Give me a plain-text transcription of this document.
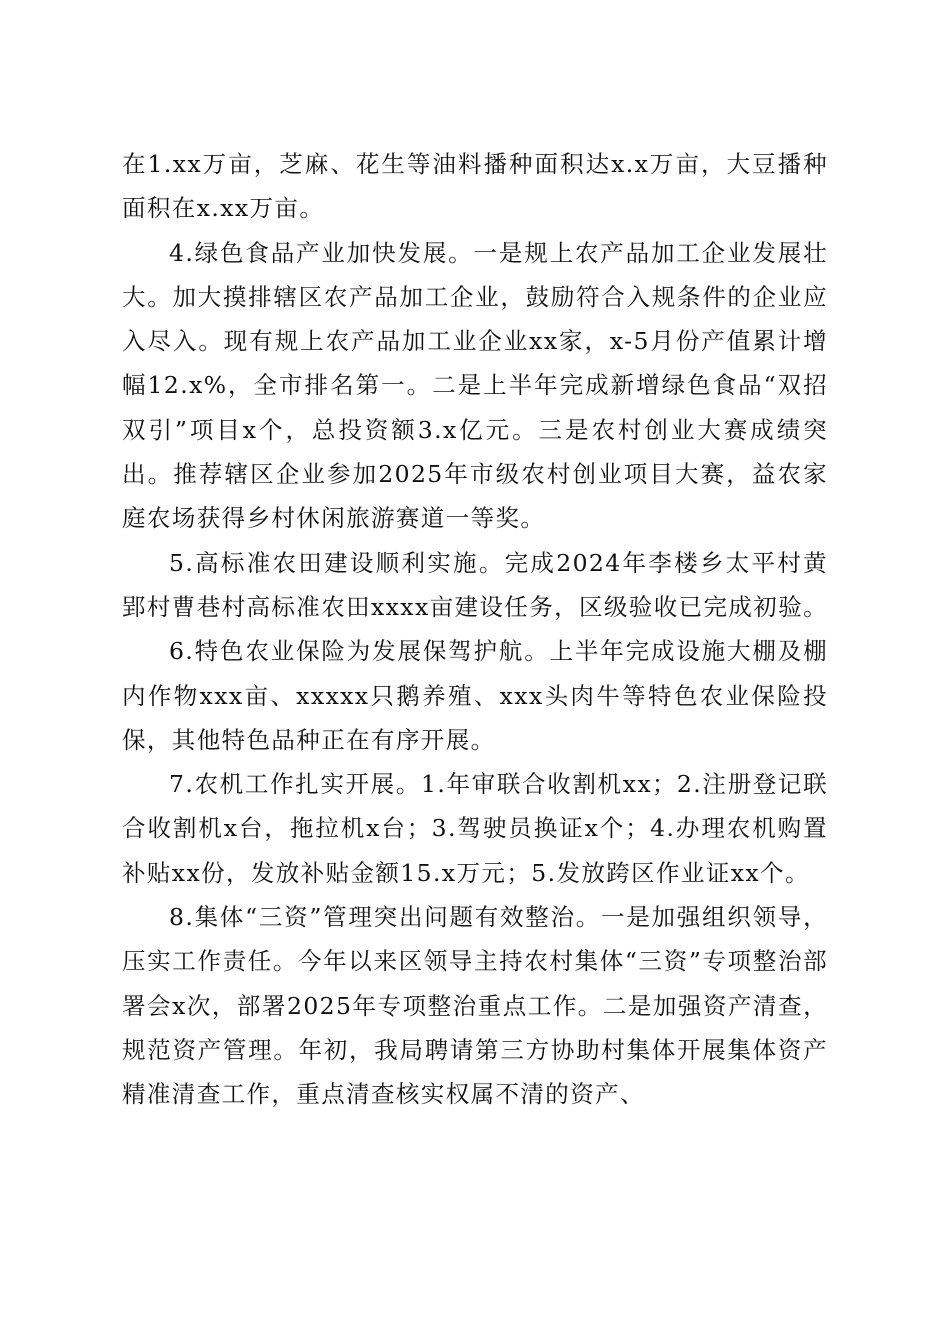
在1.xx万亩，芝麻、花生等油料播种面积达x.x万亩，大豆播种面积在x.xx万亩。

4.绿色食品产业加快发展。一是规上农产品加工企业发展壮大。加大摸排辖区农产品加工企业，鼓励符合入规条件的企业应入尽入。现有规上农产品加工业企业xx家，x-5月份产值累计增幅12.x%，全市排名第一。二是上半年完成新增绿色食品“双招双引”项目x个，总投资额3.x亿元。三是农村创业大赛成绩突出。推荐辖区企业参加2025年市级农村创业项目大赛，益农家庭农场获得乡村休闲旅游赛道一等奖。

5.高标准农田建设顺利实施。完成2024年李楼乡太平村黄郢村曹巷村高标准农田xxxx亩建设任务，区级验收已完成初验。

6.特色农业保险为发展保驾护航。上半年完成设施大棚及棚内作物xxx亩、xxxxx只鹅养殖、xxx头肉牛等特色农业保险投保，其他特色品种正在有序开展。

7.农机工作扎实开展。1.年审联合收割机xx；2.注册登记联合收割机x台，拖拉机x台；3.驾驶员换证x个；4.办理农机购置补贴xx份，发放补贴金额15.x万元；5.发放跨区作业证xx个。

8.集体“三资”管理突出问题有效整治。一是加强组织领导，压实工作责任。今年以来区领导主持农村集体“三资”专项整治部署会x次，部署2025年专项整治重点工作。二是加强资产清查，规范资产管理。年初，我局聘请第三方协助村集体开展集体资产精准清查工作，重点清查核实权属不清的资产、
